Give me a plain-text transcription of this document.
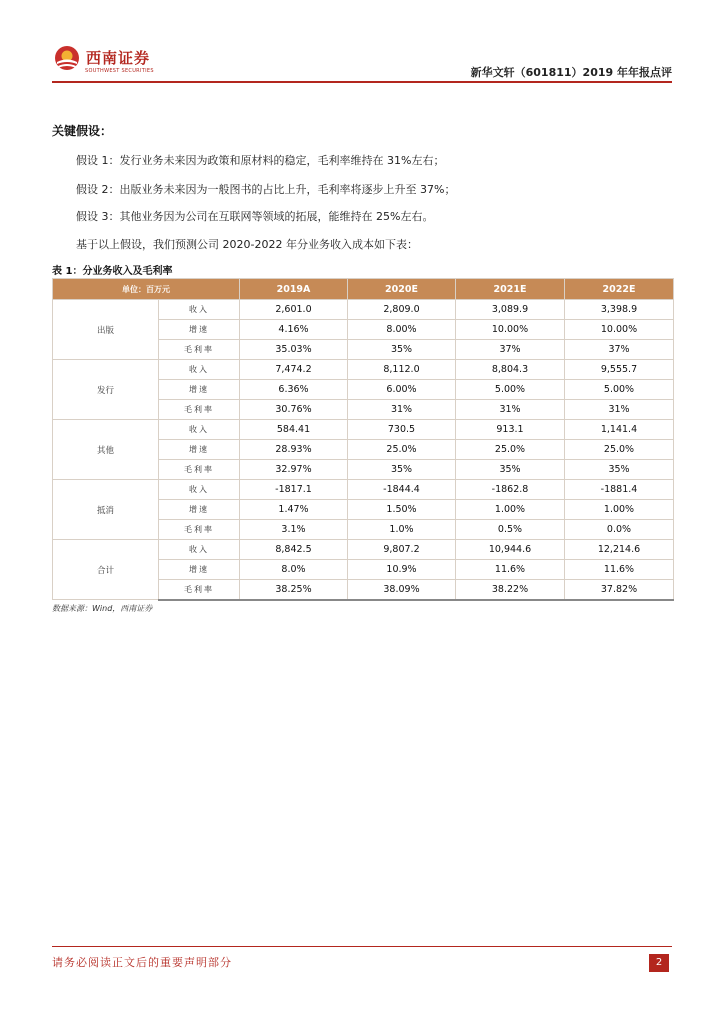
西南证券
SOUTHWEST SECURITIES	新华文轩（601811）2019 年年报点评
关键假设：
假设 1：发行业务未来因为政策和原材料的稳定，毛利率维持在 31%左右；
假设 2：出版业务未来因为一般图书的占比上升，毛利率将逐步上升至 37%；
假设 3：其他业务因为公司在互联网等领域的拓展，能维持在 25%左右。
基于以上假设，我们预测公司 2020-2022 年分业务收入成本如下表：
表 1：分业务收入及毛利率
单位：百万元		2019A	2020E	2021E	2022E
出版	收入	2,601.0	2,809.0	3,089.9	3,398.9
	增速	4.16%	8.00%	10.00%	10.00%
	毛利率	35.03%	35%	37%	37%
发行	收入	7,474.2	8,112.0	8,804.3	9,555.7
	增速	6.36%	6.00%	5.00%	5.00%
	毛利率	30.76%	31%	31%	31%
其他	收入	584.41	730.5	913.1	1,141.4
	增速	28.93%	25.0%	25.0%	25.0%
	毛利率	32.97%	35%	35%	35%
抵消	收入	-1817.1	-1844.4	-1862.8	-1881.4
	增速	1.47%	1.50%	1.00%	1.00%
	毛利率	3.1%	1.0%	0.5%	0.0%
合计	收入	8,842.5	9,807.2	10,944.6	12,214.6
	增速	8.0%	10.9%	11.6%	11.6%
	毛利率	38.25%	38.09%	38.22%	37.82%
数据来源：Wind，西南证券
请务必阅读正文后的重要声明部分	2
